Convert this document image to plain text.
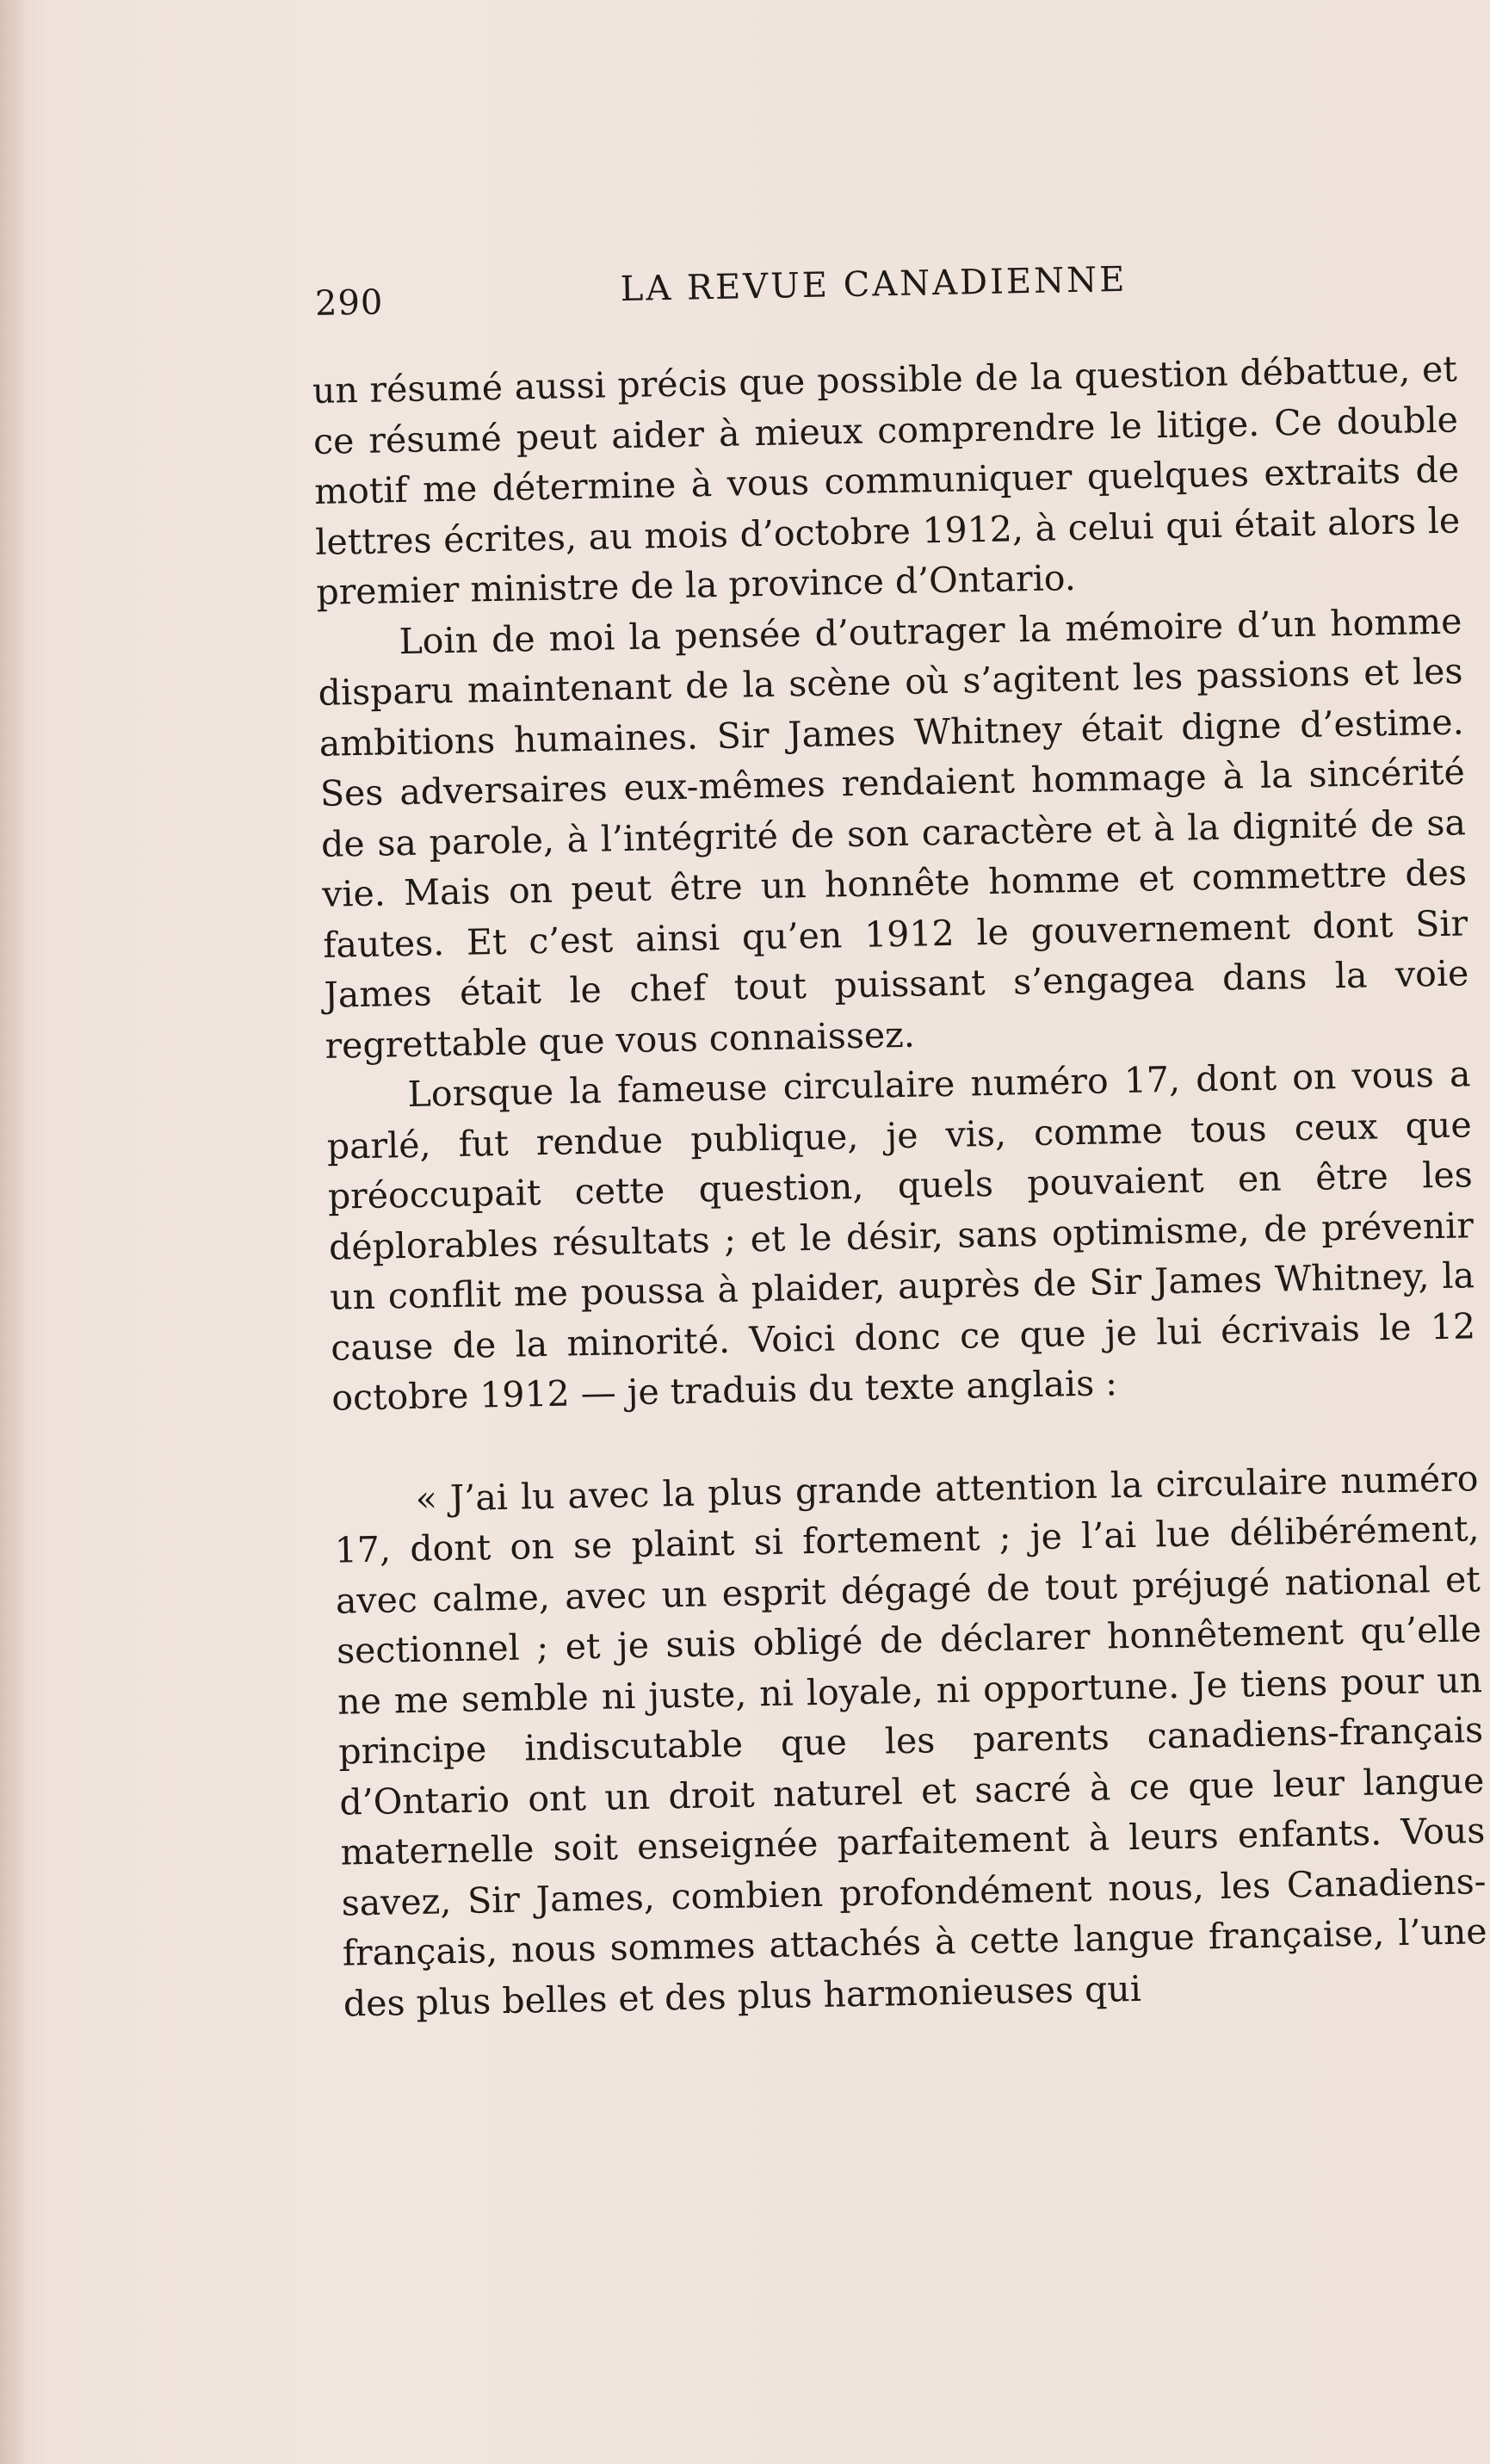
290	LA REVUE CANADIENNE

un résumé aussi précis que possible de la question débattue, et ce résumé peut aider à mieux comprendre le litige. Ce double motif me détermine à vous communiquer quelques extraits de lettres écrites, au mois d’octobre 1912, à celui qui était alors le premier ministre de la province d’Ontario.

Loin de moi la pensée d’outrager la mémoire d’un homme disparu maintenant de la scène où s’agitent les passions et les ambitions humaines. Sir James Whitney était digne d’estime. Ses adversaires eux-mêmes rendaient hommage à la sincérité de sa parole, à l’intégrité de son caractère et à la dignité de sa vie. Mais on peut être un honnête homme et commettre des fautes. Et c’est ainsi qu’en 1912 le gouvernement dont Sir James était le chef tout puissant s’engagea dans la voie regrettable que vous connaissez.

Lorsque la fameuse circulaire numéro 17, dont on vous a parlé, fut rendue publique, je vis, comme tous ceux que préoccupait cette question, quels pouvaient en être les déplorables résultats ; et le désir, sans optimisme, de prévenir un conflit me poussa à plaider, auprès de Sir James Whitney, la cause de la minorité. Voici donc ce que je lui écrivais le 12 octobre 1912 — je traduis du texte anglais :

« J’ai lu avec la plus grande attention la circulaire numéro 17, dont on se plaint si fortement ; je l’ai lue délibérément, avec calme, avec un esprit dégagé de tout préjugé national et sectionnel ; et je suis obligé de déclarer honnêtement qu’elle ne me semble ni juste, ni loyale, ni opportune. Je tiens pour un principe indiscutable que les parents canadiens-français d’Ontario ont un droit naturel et sacré à ce que leur langue maternelle soit enseignée parfaitement à leurs enfants. Vous savez, Sir James, combien profondément nous, les Canadiens-français, nous sommes attachés à cette langue française, l’une des plus belles et des plus harmonieuses qui
